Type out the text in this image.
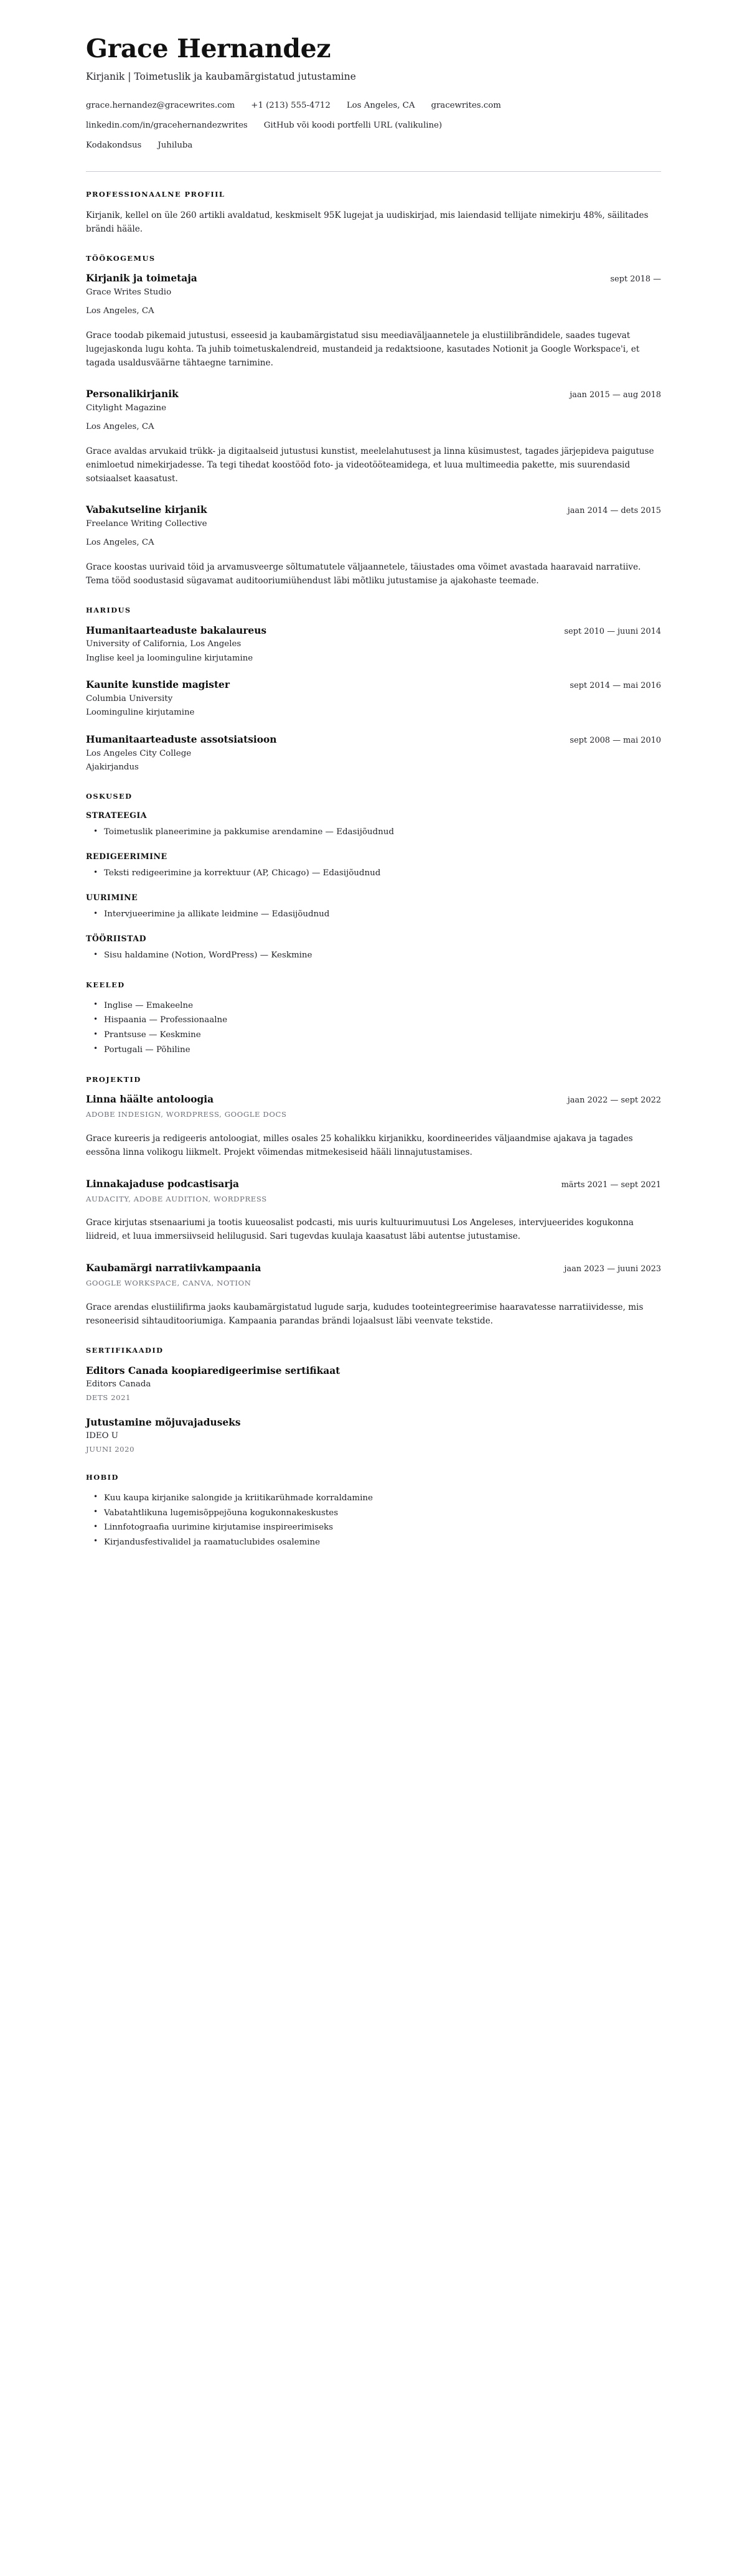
Grace Hernandez
Kirjanik | Toimetuslik ja kaubamärgistatud jutustamine
grace.hernandez@gracewrites.com +1 (213) 555-4712 Los Angeles, CA gracewrites.com
linkedin.com/in/gracehernandezwrites GitHub või koodi portfelli URL (valikuline)
Kodakondsus Juhiluba
PROFESSIONAALNE PROFIIL

Kirjanik, kellel on üle 260 artikli avaldatud, keskmiselt 95K lugejat ja uudiskirjad, mis laiendasid tellijate nimekirju 48%, säilitades brändi hääle.

TÖÖKOGEMUS
Kirjanik ja toimetaja	sept 2018 —
Grace Writes Studio
Los Angeles, CA

Grace toodab pikemaid jutustusi, esseesid ja kaubamärgistatud sisu meediaväljaannetele ja elustiilibrändidele, saades tugevat lugejaskonda lugu kohta. Ta juhib toimetuskalendreid, mustandeid ja redaktsioone, kasutades Notionit ja Google Workspace'i, et tagada usaldusväärne tähtaegne tarnimine.

Personalikirjanik	jaan 2015 — aug 2018
Citylight Magazine
Los Angeles, CA

Grace avaldas arvukaid trükk- ja digitaalseid jutustusi kunstist, meelelahutusest ja linna küsimustest, tagades järjepideva paigutuse enimloetud nimekirjadesse. Ta tegi tihedat koostööd foto- ja videotööteamidega, et luua multimeedia pakette, mis suurendasid sotsiaalset kaasatust.

Vabakutseline kirjanik	jaan 2014 — dets 2015
Freelance Writing Collective
Los Angeles, CA

Grace koostas uurivaid töid ja arvamusveerge sõltumatutele väljaannetele, täiustades oma võimet avastada haaravaid narratiive. Tema tööd soodustasid sügavamat auditooriumiühendust läbi mõtliku jutustamise ja ajakohaste teemade.

HARIDUS
Humanitaarteaduste bakalaureus	sept 2010 — juuni 2014
University of California, Los Angeles
Inglise keel ja loominguline kirjutamine
Kaunite kunstide magister	sept 2014 — mai 2016
Columbia University
Loominguline kirjutamine
Humanitaarteaduste assotsiatsioon	sept 2008 — mai 2010
Los Angeles City College
Ajakirjandus
OSKUSED
STRATEEGIA
• Toimetuslik planeerimine ja pakkumise arendamine — Edasijõudnud
REDIGEERIMINE
• Teksti redigeerimine ja korrektuur (AP, Chicago) — Edasijõudnud
UURIMINE
• Intervjueerimine ja allikate leidmine — Edasijõudnud
TÖÖRIISTAD
• Sisu haldamine (Notion, WordPress) — Keskmine
KEELED
• Inglise — Emakeelne
• Hispaania — Professionaalne
• Prantsuse — Keskmine
• Portugali — Põhiline
PROJEKTID
Linna häälte antoloogia	jaan 2022 — sept 2022
ADOBE INDESIGN, WORDPRESS, GOOGLE DOCS

Grace kureeris ja redigeeris antoloogiat, milles osales 25 kohalikku kirjanikku, koordineerides väljaandmise ajakava ja tagades eessõna linna volikogu liikmelt. Projekt võimendas mitmekesiseid hääli linnajutustamises.

Linnakajaduse podcastisarja	märts 2021 — sept 2021
AUDACITY, ADOBE AUDITION, WORDPRESS

Grace kirjutas stsenaariumi ja tootis kuueosalist podcasti, mis uuris kultuurimuutusi Los Angeleses, intervjueerides kogukonna liidreid, et luua immersiivseid helilugusid. Sari tugevdas kuulaja kaasatust läbi autentse jutustamise.

Kaubamärgi narratiivkampaania	jaan 2023 — juuni 2023
GOOGLE WORKSPACE, CANVA, NOTION

Grace arendas elustiilifirma jaoks kaubamärgistatud lugude sarja, kududes tooteintegreerimise haaravatesse narratiividesse, mis resoneerisid sihtauditooriumiga. Kampaania parandas brändi lojaalsust läbi veenvate tekstide.

SERTIFIKAADID
Editors Canada koopiaredigeerimise sertifikaat
Editors Canada
DETS 2021
Jutustamine mõjuvajaduseks
IDEO U
JUUNI 2020
HOBID
• Kuu kaupa kirjanike salongide ja kriitikarühmade korraldamine
• Vabatahtlikuna lugemisõppejõuna kogukonnakeskustes
• Linnfotograafia uurimine kirjutamise inspireerimiseks
• Kirjandusfestivalidel ja raamatuclubides osalemine
